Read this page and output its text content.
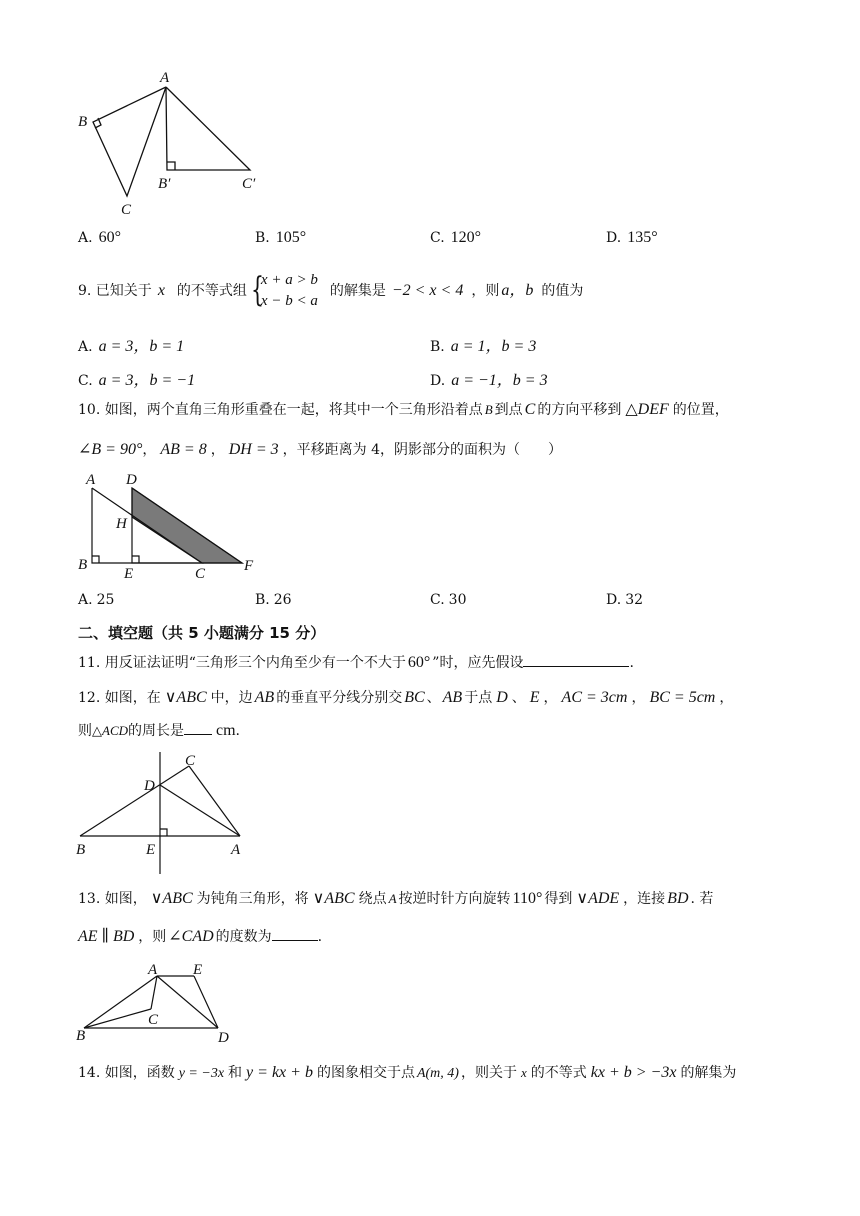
A
B
C
B′	C′
A. 60°	B. 105°	C. 120°	D. 135°
9. 已知关于 x 的不等式组 {
x + a > b
x − b < a
的解集是 −2 < x < 4 ，则 a，b 的值为
A. a = 3，b = 1	B. a = 1，b = 3
C. a = 3，b = −1	D. a = −1，b = 3
10. 如图，两个直角三角形重叠在一起，将其中一个三角形沿着点 B 到点 C 的方向平移到 △DEF 的位置，
∠B = 90°， AB = 8 ， DH = 3 ，平移距离为 4，阴影部分的面积为（　　）
A D
H
B
E	C	F
A. 25	B. 26	C. 30	D. 32
二、填空题（共 5 小题满分 15 分）
11. 用反证法证明“三角形三个内角至少有一个不大于 60° ”时，应先假设	.
12. 如图，在 ∨ABC 中，边 AB 的垂直平分线分别交 BC 、 AB 于点 D 、 E ， AC = 3cm ， BC = 5cm ，
则△ACD的周长是 cm.
C
D
B	E	A
13. 如图， ∨ABC 为钝角三角形，将 ∨ABC 绕点 A 按逆时针方向旋转 110° 得到 ∨ADE ，连接 BD . 若
AE ∥ BD ，则 ∠CAD 的度数为	.
A E
C
B	D
14. 如图，函数 y = −3x 和 y = kx + b 的图象相交于点 A(m, 4) ，则关于 x 的不等式 kx + b > −3x 的解集为
